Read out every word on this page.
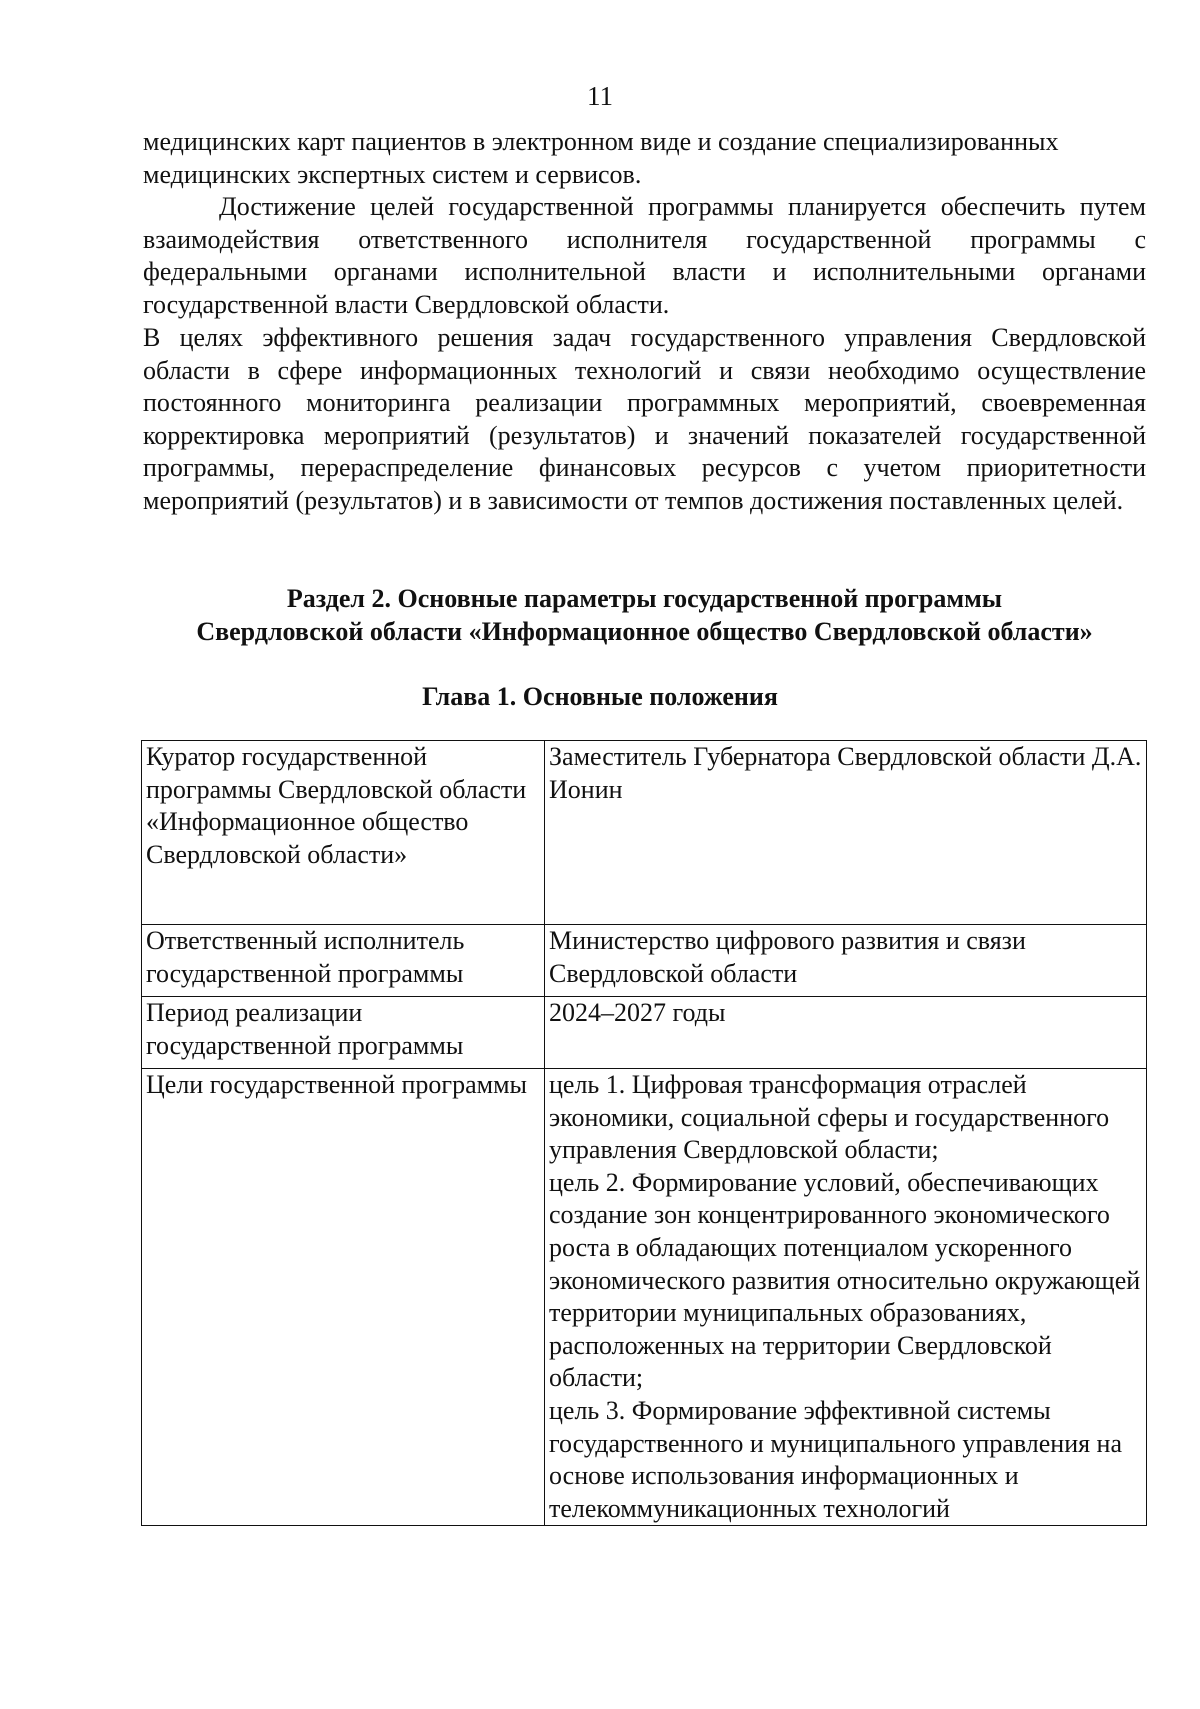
11

медицинских карт пациентов в электронном виде и создание специализированных медицинских экспертных систем и сервисов.

Достижение целей государственной программы планируется обеспечить путем взаимодействия ответственного исполнителя государственной программы с федеральными органами исполнительной власти и исполнительными органами государственной власти Свердловской области.

В целях эффективного решения задач государственного управления Свердловской области в сфере информационных технологий и связи необходимо осуществление постоянного мониторинга реализации программных мероприятий, своевременная корректировка мероприятий (результатов) и значений показателей государственной программы, перераспределение финансовых ресурсов с учетом приоритетности мероприятий (результатов) и в зависимости от темпов достижения поставленных целей.

Раздел 2. Основные параметры государственной программы
Свердловской области «Информационное общество Свердловской области»
Глава 1. Основные положения
Куратор государственной программы Свердловской области «Информационное общество Свердловской области»	Заместитель Губернатора Свердловской области Д.А. Ионин
Ответственный исполнитель государственной программы	Министерство цифрового развития и связи Свердловской области
Период реализации государственной программы	2024–2027 годы
Цели государственной программы	цель 1. Цифровая трансформация отраслей экономики, социальной сферы и государственного управления Свердловской области;
цель 2. Формирование условий, обеспечивающих создание зон концентрированного экономического роста в обладающих потенциалом ускоренного экономического развития относительно окружающей территории муниципальных образованиях, расположенных на территории Свердловской области;
цель 3. Формирование эффективной системы государственного и муниципального управления на основе использования информационных и телекоммуникационных технологий
